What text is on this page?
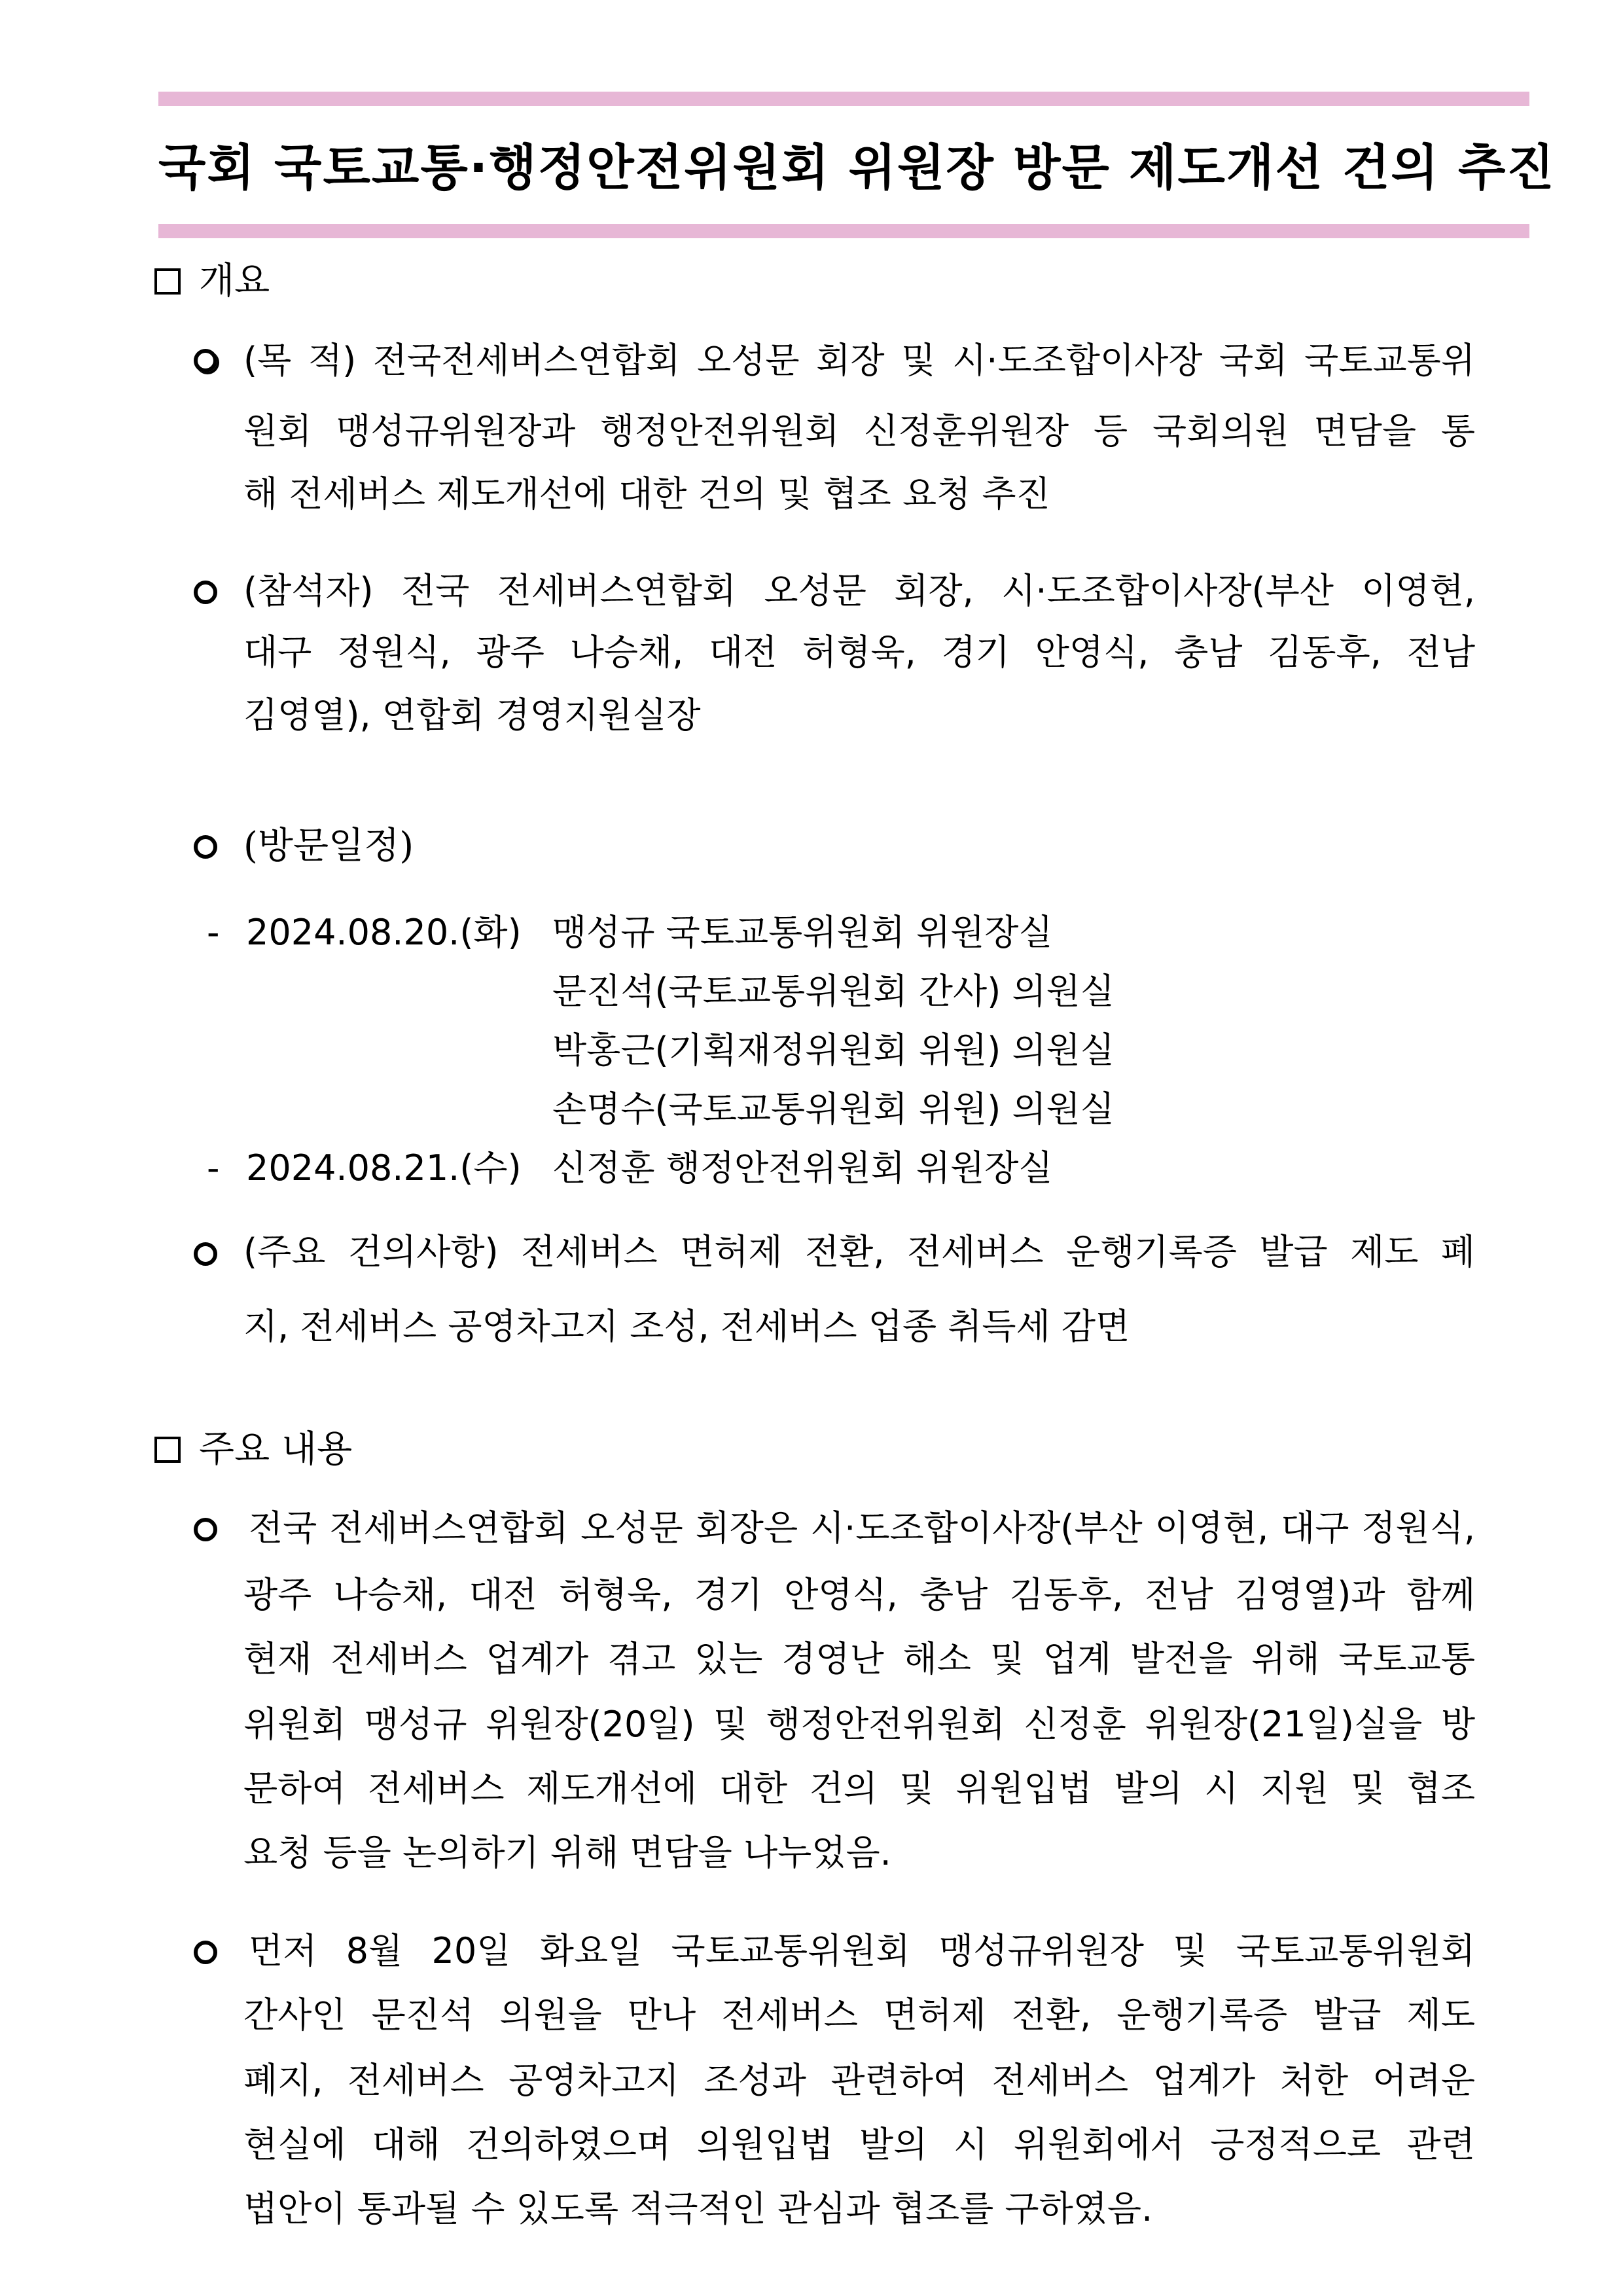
국회 국토교통·행정안전위원회 위원장 방문 제도개선 건의 추진
개요
(목 적) 전국전세버스연합회 오성문 회장 및 시·도조합이사장 국회 국토교통위
원회 맹성규위원장과 행정안전위원회 신정훈위원장 등 국회의원 면담을 통
해 전세버스 제도개선에 대한 건의 및 협조 요청 추진
(참석자) 전국 전세버스연합회 오성문 회장, 시·도조합이사장(부산 이영현,
대구 정원식, 광주 나승채, 대전 허형욱, 경기 안영식, 충남 김동후, 전남
김영열), 연합회 경영지원실장
(방문일정)
- 2024.08.20.(화) 맹성규 국토교통위원회 위원장실
문진석(국토교통위원회 간사) 의원실
박홍근(기획재정위원회 위원) 의원실
손명수(국토교통위원회 위원) 의원실
- 2024.08.21.(수) 신정훈 행정안전위원회 위원장실
(주요 건의사항) 전세버스 면허제 전환, 전세버스 운행기록증 발급 제도 폐
지, 전세버스 공영차고지 조성, 전세버스 업종 취득세 감면
주요 내용
전국 전세버스연합회 오성문 회장은 시·도조합이사장(부산 이영현, 대구 정원식,
광주 나승채, 대전 허형욱, 경기 안영식, 충남 김동후, 전남 김영열)과 함께
현재 전세버스 업계가 겪고 있는 경영난 해소 및 업계 발전을 위해 국토교통
위원회 맹성규 위원장(20일) 및 행정안전위원회 신정훈 위원장(21일)실을 방
문하여 전세버스 제도개선에 대한 건의 및 위원입법 발의 시 지원 및 협조
요청 등을 논의하기 위해 면담을 나누었음.
먼저 8월 20일 화요일 국토교통위원회 맹성규위원장 및 국토교통위원회
간사인 문진석 의원을 만나 전세버스 면허제 전환, 운행기록증 발급 제도
폐지, 전세버스 공영차고지 조성과 관련하여 전세버스 업계가 처한 어려운
현실에 대해 건의하였으며 의원입법 발의 시 위원회에서 긍정적으로 관련
법안이 통과될 수 있도록 적극적인 관심과 협조를 구하였음.
